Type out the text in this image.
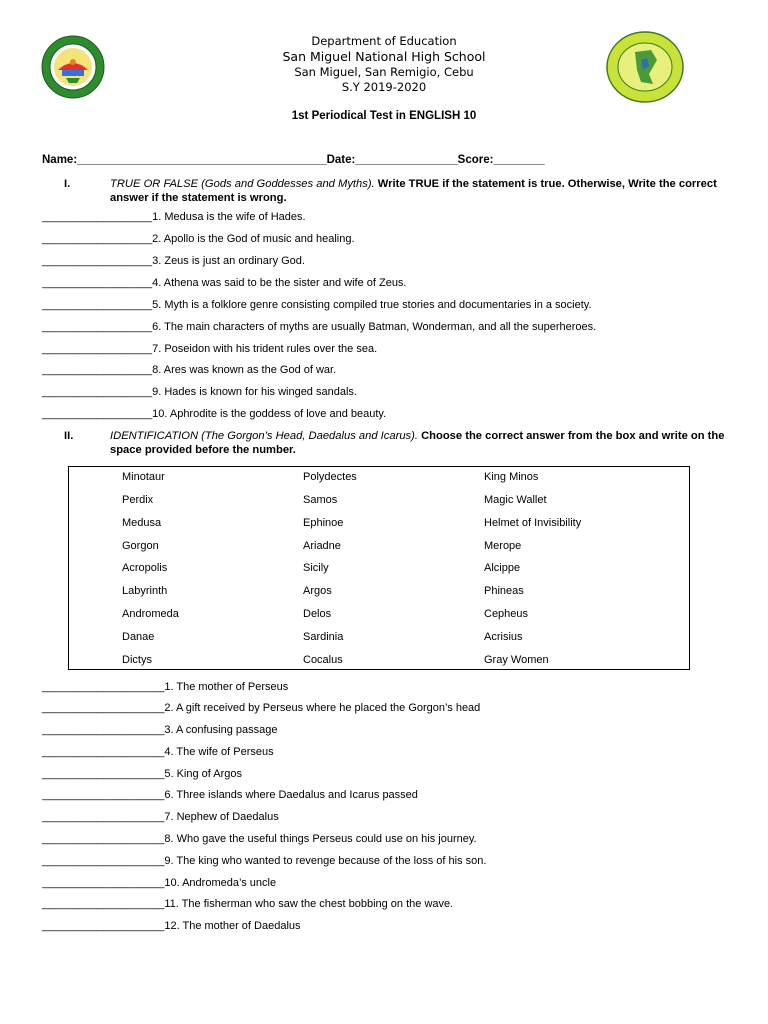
Department of Education
San Miguel National High School
San Miguel, San Remigio, Cebu
S.Y 2019-2020
1st Periodical Test in ENGLISH 10
Name:_______________________________________Date:________________Score:________
I.	TRUE OR FALSE (Gods and Goddesses and Myths). Write TRUE if the statement is true. Otherwise, Write the correct answer if the statement is wrong.
__________________1. Medusa is the wife of Hades.
__________________2. Apollo is the God of music and healing.
__________________3. Zeus is just an ordinary God.
__________________4. Athena was said to be the sister and wife of Zeus.
__________________5. Myth is a folklore genre consisting compiled true stories and documentaries in a society.
__________________6. The main characters of myths are usually Batman, Wonderman, and all the superheroes.
__________________7. Poseidon with his trident rules over the sea.
__________________8. Ares was known as the God of war.
__________________9. Hades is known for his winged sandals.
__________________10. Aphrodite is the goddess of love and beauty.
II.	IDENTIFICATION (The Gorgon’s Head, Daedalus and Icarus). Choose the correct answer from the box and write on the space provided before the number.
Minotaur
Perdix
Medusa
Gorgon
Acropolis
Labyrinth
Andromeda
Danae
Dictys
Polydectes
Samos
Ephinoe
Ariadne
Sicily
Argos
Delos
Sardinia
Cocalus
King Minos
Magic Wallet
Helmet of Invisibility
Merope
Alcippe
Phineas
Cepheus
Acrisius
Gray Women
____________________1. The mother of Perseus
____________________2. A gift received by Perseus where he placed the Gorgon’s head
____________________3. A confusing passage
____________________4. The wife of Perseus
____________________5. King of Argos
____________________6. Three islands where Daedalus and Icarus passed
____________________7. Nephew of Daedalus
____________________8. Who gave the useful things Perseus could use on his journey.
____________________9. The king who wanted to revenge because of the loss of his son.
____________________10. Andromeda’s uncle
____________________11. The fisherman who saw the chest bobbing on the wave.
____________________12. The mother of Daedalus
